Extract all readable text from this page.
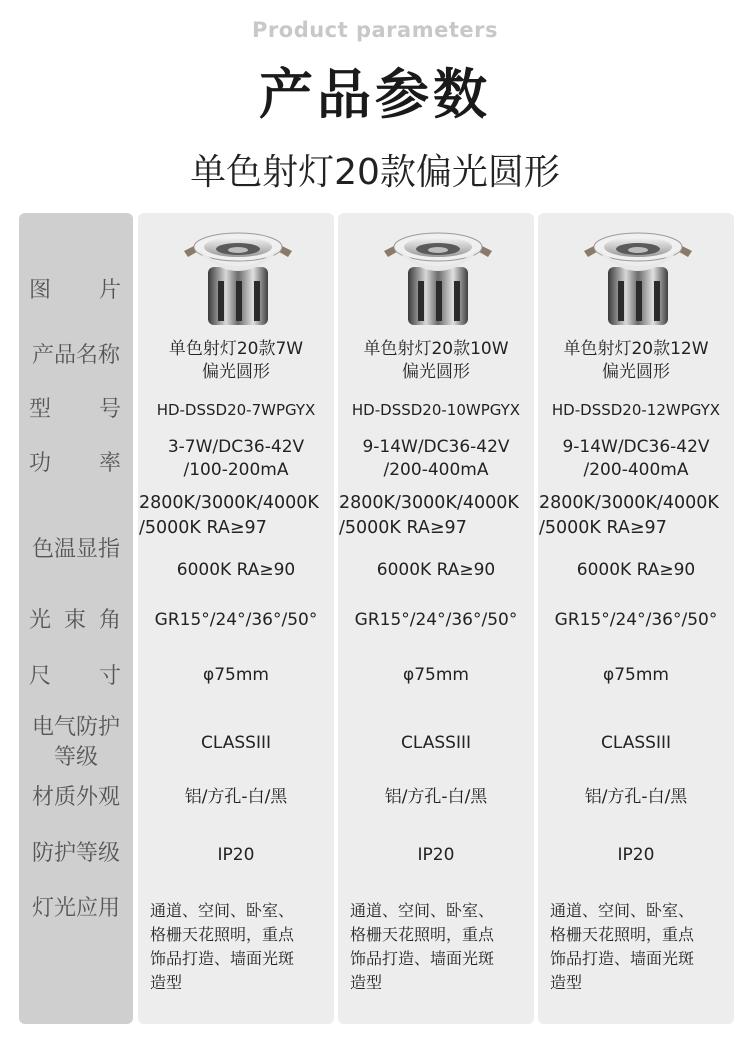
Product parameters
产品参数
单色射灯20款偏光圆形
图 片
产品名称
型 号
功 率
色温显指
光 束 角
尺 寸
电气防护
等级
材质外观
防护等级
灯光应用
单色射灯20款7W
偏光圆形
HD-DSSD20-7WPGYX
3-7W/DC36-42V
/100-200mA
2800K/3000K/4000K
/5000K RA≥97
6000K RA≥90
GR15°/24°/36°/50°
φ75mm
CLASSIII
铝/方孔-白/黑
IP20
通道、空间、卧室、
格栅天花照明，重点
饰品打造、墙面光斑
造型
单色射灯20款10W
偏光圆形
HD-DSSD20-10WPGYX
9-14W/DC36-42V
/200-400mA
2800K/3000K/4000K
/5000K RA≥97
6000K RA≥90
GR15°/24°/36°/50°
φ75mm
CLASSIII
铝/方孔-白/黑
IP20
通道、空间、卧室、
格栅天花照明，重点
饰品打造、墙面光斑
造型
单色射灯20款12W
偏光圆形
HD-DSSD20-12WPGYX
9-14W/DC36-42V
/200-400mA
2800K/3000K/4000K
/5000K RA≥97
6000K RA≥90
GR15°/24°/36°/50°
φ75mm
CLASSIII
铝/方孔-白/黑
IP20
通道、空间、卧室、
格栅天花照明，重点
饰品打造、墙面光斑
造型
